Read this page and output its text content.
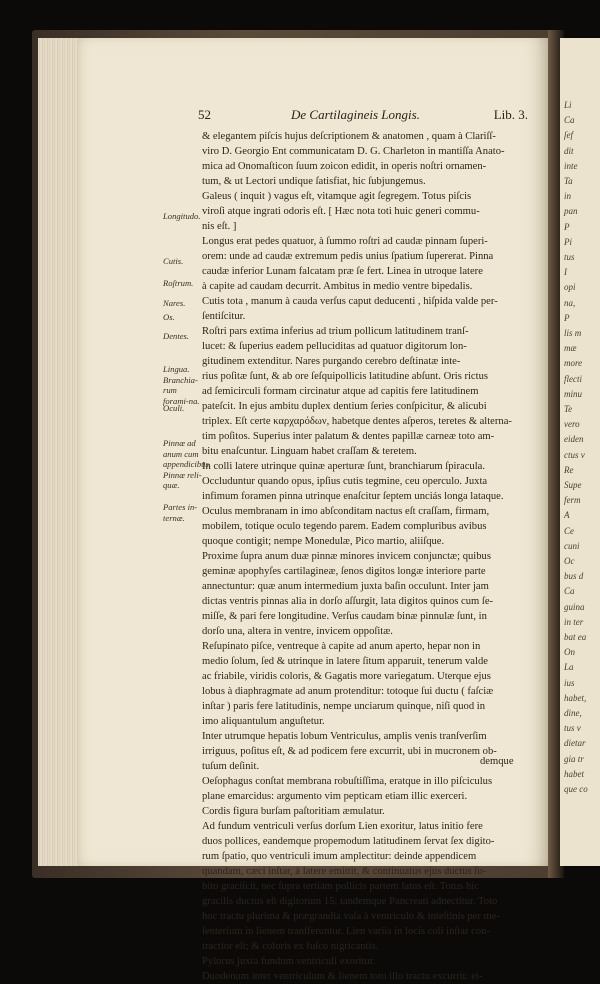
Li
Ca
ſef
dit
inte
Ta
in
pan
P
Pi
tus
I
opi
na,
P
lis m
mæ
more
flecti
minu
Te
vero
eiden
ctus v
Re
Supe
ferm
A
Ce
cuni
Oc
bus d
Ca
guina
in ter
bat ea
On
La
ius
habet,
dine,
tus v
dietar
gia tr
habet
que co
52	De Cartilagineis Longis.	Lib. 3.
& elegantem piſcis hujus deſcriptionem & anatomen , quam à Clariſſ-
viro D. Georgio Ent communicatam D. G. Charleton in mantiſſa Anato-
mica ad Onomaſticon ſuum zoicon edidit, in operis noſtri ornamen-
tum, & ut Lectori undique ſatisfiat, hic ſubjungemus.
Galeus ( inquit ) vagus eſt, vitamque agit ſegregem. Totus piſcis
viroſi atque ingrati odoris eſt. [ Hæc nota toti huic generi commu-
nis eſt. ]
Longus erat pedes quatuor, à ſummo roſtri ad caudæ pinnam ſuperi-
orem: unde ad caudæ extremum pedis unius ſpatium ſupererat. Pinna
caudæ inferior Lunam falcatam præ ſe fert. Linea in utroque latere
à capite ad caudam decurrit. Ambitus in medio ventre bipedalis.
Cutis tota , manum à cauda verſus caput deducenti , hiſpida valde per-
ſentiſcitur.
Roſtri pars extima inferius ad trium pollicum latitudinem tranſ-
lucet: & ſuperius eadem pelluciditas ad quatuor digitorum lon-
gitudinem extenditur. Nares purgando cerebro deſtinatæ inte-
rius poſitæ ſunt, & ab ore ſeſquipollicis latitudine abſunt. Oris rictus
ad ſemicirculi formam circinatur atque ad capitis fere latitudinem
pateſcit. In ejus ambitu duplex dentium ſeries conſpicitur, & alicubi
triplex. Eſt certe καρχαρόδων, habetque dentes aſperos, teretes & alterna-
tim poſitos. Superius inter palatum & dentes papillæ carneæ toto am-
bitu enaſcuntur. Linguam habet craſſam & teretem.
In colli latere utrinque quinæ aperturæ ſunt, branchiarum ſpiracula.
Occluduntur quando opus, ipſius cutis tegmine, ceu operculo. Juxta
infimum foramen pinna utrinque enaſcitur ſeptem unciás longa lataque.
Oculus membranam in imo abſconditam nactus eſt craſſam, firmam,
mobilem, totique oculo tegendo parem. Eadem compluribus avibus
quoque contigit; nempe Monedulæ, Pico martio, aliiſque.
Proxime ſupra anum duæ pinnæ minores invicem conjunctæ; quibus
geminæ apophyſes cartilagineæ, ſenos digitos longæ interiore parte
annectuntur: quæ anum intermedium juxta baſin occulunt. Inter jam
dictas ventris pinnas alia in dorſo aſſurgit, lata digitos quinos cum ſe-
miſſe, & pari fere longitudine. Verſus caudam binæ pinnulæ ſunt, in
dorſo una, altera in ventre, invicem oppoſitæ.
Reſupinato piſce, ventreque à capite ad anum aperto, hepar non in
medio ſolum, ſed & utrinque in latere ſitum apparuit, tenerum valde
ac friabile, viridis coloris, & Gagatis more variegatum. Uterque ejus
lobus à diaphragmate ad anum protenditur: totoque ſui ductu ( faſciæ
inſtar ) paris fere latitudinis, nempe unciarum quinque, niſi quod in
imo aliquantulum anguſtetur.
Inter utrumque hepatis lobum Ventriculus, amplis venis tranſverſim
irriguus, poſitus eſt, & ad podicem fere excurrit, ubi in mucronem ob-
tuſum deſinit.
Oeſophagus conſtat membrana robuſtiſſima, eratque in illo piſciculus
plane emarcidus: argumento vim pepticam etiam illic exerceri.
Cordis figura burſam paſtoritiam æmulatur.
Ad fundum ventriculi verſus dorſum Lien exoritur, latus initio fere
duos pollices, eandemque propemodum latitudinem ſervat ſex digito-
rum ſpatio, quo ventriculi imum amplectitur: deinde appendicem
quandam, cæci inſtar, à latere emittit, & continuatus ejus ductus ſu-
bito graciſcit, nec ſupra tertiam pollicis partem latus eſt. Totus hic
gracilis ductus eſt digitorum 15; tandemque Pancreati adnectitur. Toto
hoc tractu plurima & prægrandia vaſa à ventriculo & inteſtinis per me-
ſenterium in lienem tranſferuntur. Lien variis in locis coli inſtar con-
tractior eſt; & coloris ex fuſco nigricantis.
Pylorus juxta fundum ventriculi exoritur.
Duodenum inter ventriculum & lienem toto illo tractu excurrit: ei-
Longitudo.
Cutis.
Roſtrum.
Nares.
Os.
Dentes.
Lingua. Branchia-rum forami-na.
Oculi.
Pinnæ ad anum cum appendicibus. Pinnæ reli-quæ.
Partes in-ternæ.
demque
